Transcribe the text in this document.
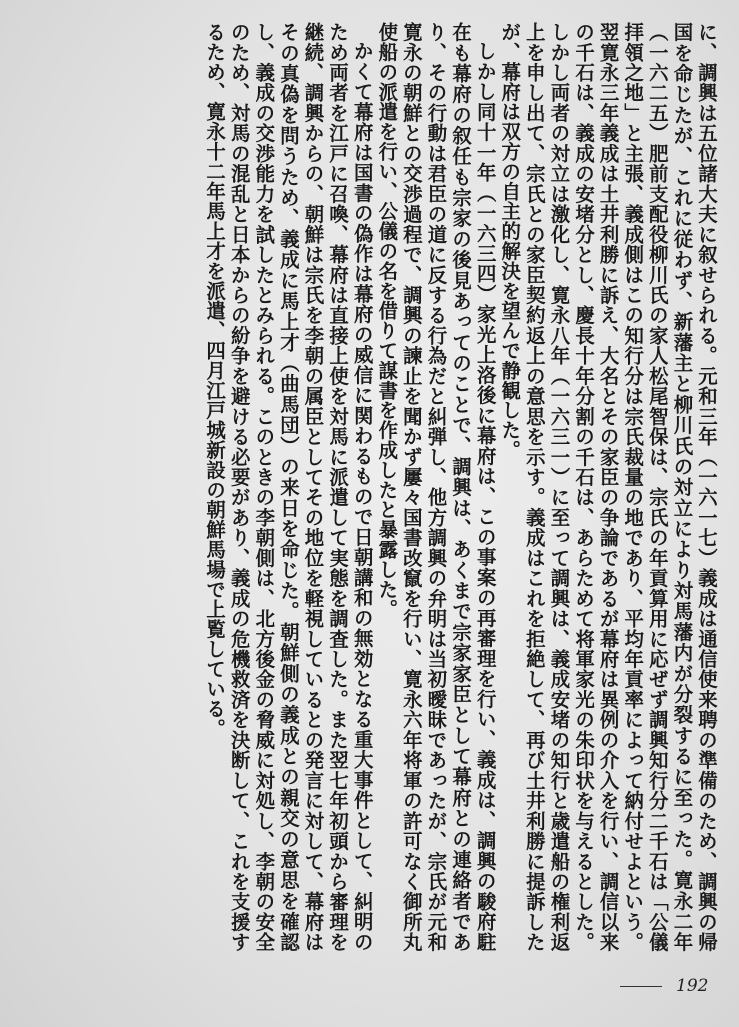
に、調興は五位諸大夫に叙せられる。元和三年（一六一七）義成は通信使来聘の準備のため、調興の帰国を命じたが、これに従わず、新藩主と柳川氏の対立により対馬藩内が分裂するに至った。寛永二年（一六二五）肥前支配役柳川氏の家人松尾智保は、宗氏の年貢算用に応ぜず調興知行分二千石は「公儀拝領之地」と主張、義成側はこの知行分は宗氏裁量の地であり、平均年貢率によって納付せよという。翌寛永三年義成は土井利勝に訴え、大名とその家臣の争論であるが幕府は異例の介入を行い、調信以来の千石は、義成の安堵分とし、慶長十年分割の千石は、あらためて将軍家光の朱印状を与えるとした。しかし両者の対立は激化し、寛永八年（一六三一）に至って調興は、義成安堵の知行と歳遣船の権利返上を申し出て、宗氏との家臣契約返上の意思を示す。義成はこれを拒絶して、再び土井利勝に提訴したが、幕府は双方の自主的解決を望んで静観した。

しかし同十一年（一六三四）家光上洛後に幕府は、この事案の再審理を行い、義成は、調興の駿府駐在も幕府の叙任も宗家の後見あってのことで、調興は、あくまで宗家家臣として幕府との連絡者であり、その行動は君臣の道に反する行為だと糾弾し、他方調興の弁明は当初曖昧であったが、宗氏が元和寛永の朝鮮との交渉過程で、調興の諫止を聞かず屢々国書改竄を行い、寛永六年将軍の許可なく御所丸使船の派遣を行い、公儀の名を借りて謀書を作成したと暴露した。

かくて幕府は国書の偽作は幕府の威信に関わるもので日朝講和の無効となる重大事件として、糾明のため両者を江戸に召喚、幕府は直接上使を対馬に派遣して実態を調査した。また翌七年初頭から審理を継続、調興からの、朝鮮は宗氏を李朝の属臣としてその地位を軽視しているとの発言に対して、幕府はその真偽を問うため、義成に馬上才（曲馬団）の来日を命じた。朝鮮側の義成との親交の意思を確認し、義成の交渉能力を試したとみられる。このときの李朝側は、北方後金の脅威に対処し、李朝の安全のため、対馬の混乱と日本からの紛争を避ける必要があり、義成の危機救済を決断して、これを支援するため、寛永十二年馬上才を派遣、四月江戸城新設の朝鮮馬場で上覧している。

192
